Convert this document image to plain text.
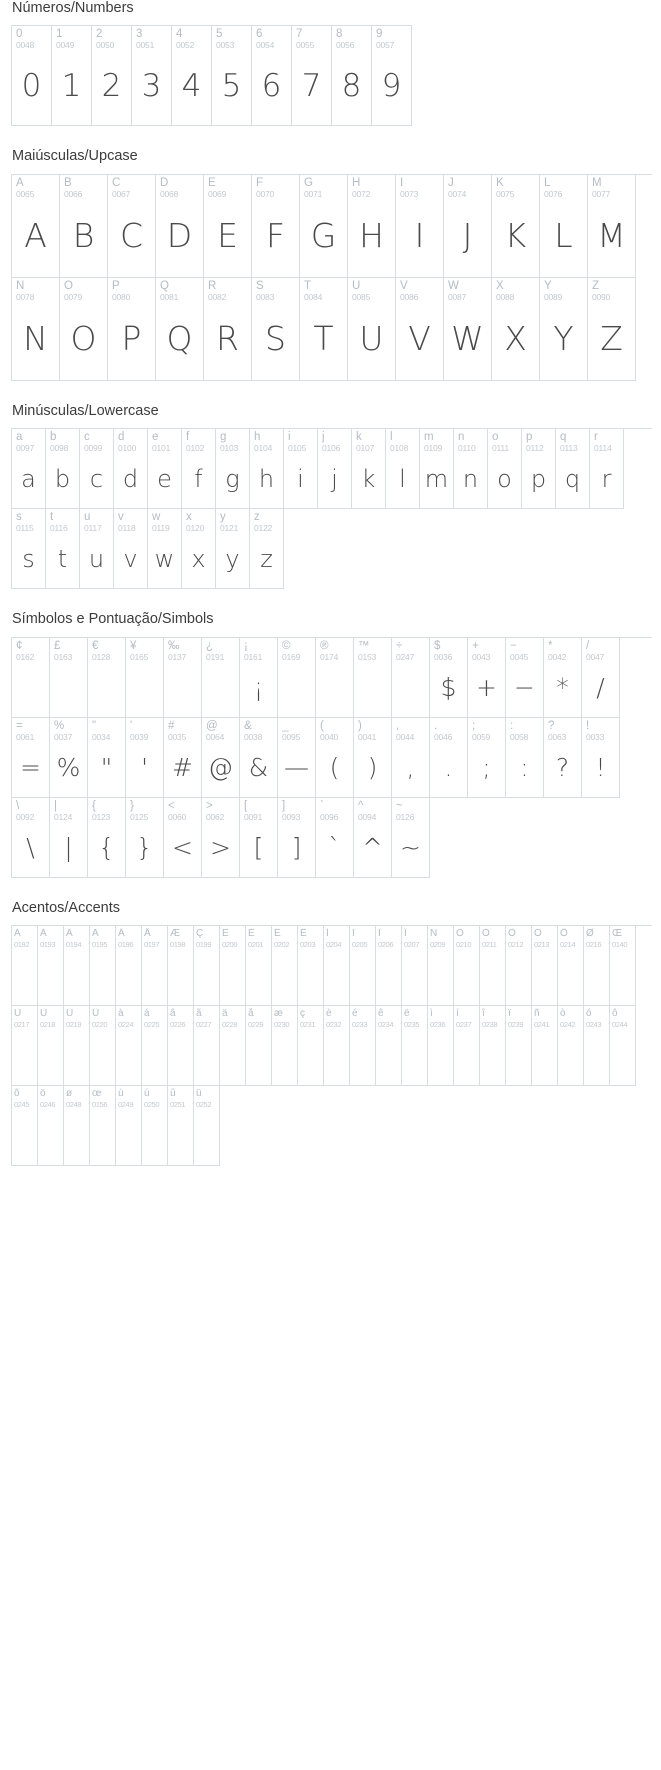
Números/Numbers
0
0048
0
1
0049
1
2
0050
2
3
0051
3
4
0052
4
5
0053
5
6
0054
6
7
0055
7
8
0056
8
9
0057
9
Maiúsculas/Upcase
A
0065
A
B
0066
B
C
0067
C
D
0068
D
E
0069
E
F
0070
F
G
0071
G
H
0072
H
I
0073
I
J
0074
J
K
0075
K
L
0076
L
M
0077
M
N
0078
N
O
0079
O
P
0080
P
Q
0081
Q
R
0082
R
S
0083
S
T
0084
T
U
0085
U
V
0086
V
W
0087
W
X
0088
X
Y
0089
Y
Z
0090
Z
Minúsculas/Lowercase
a
0097
a
b
0098
b
c
0099
c
d
0100
d
e
0101
e
f
0102
f
g
0103
g
h
0104
h
i
0105
i
j
0106
j
k
0107
k
l
0108
l
m
0109
m
n
0110
n
o
0111
o
p
0112
p
q
0113
q
r
0114
r
s
0115
s
t
0116
t
u
0117
u
v
0118
v
w
0119
w
x
0120
x
y
0121
y
z
0122
z
Símbolos e Pontuação/Simbols
¢
0162
£
0163
€
0128
¥
0165
‰
0137
¿
0191
¡
0161
¡
©
0169
®
0174
™
0153
÷
0247
$
0036
$
+
0043
+
−
0045
−
*
0042
*
/
0047
/
=
0061
=
%
0037
%
"
0034
"
'
0039
'
#
0035
#
@
0064
@
&
0038
&
_
0095
—
(
0040
(
)
0041
)
,
0044
,
.
0046
.
;
0059
;
:
0058
:
?
0063
?
!
0033
!
\
0092
\
|
0124
|
{
0123
{
}
0125
}
<
0060
<
>
0062
>
[
0091
[
]
0093
]
`
0096
`
^
0094
^
~
0126
~
Acentos/Accents
À
0192
Á
0193
Â
0194
Ã
0195
Ä
0196
Å
0197
Æ
0198
Ç
0199
È
0200
É
0201
Ê
0202
Ë
0203
Ì
0204
Í
0205
Î
0206
Ï
0207
Ñ
0209
Ò
0210
Ó
0211
Ô
0212
Õ
0213
Ö
0214
Ø
0216
Œ
0140
Ù
0217
Ú
0218
Û
0219
Ü
0220
à
0224
á
0225
â
0226
ã
0227
ä
0228
å
0229
æ
0230
ç
0231
è
0232
é
0233
ê
0234
ë
0235
ì
0236
í
0237
î
0238
ï
0239
ñ
0241
ò
0242
ó
0243
ô
0244
õ
0245
ö
0246
ø
0248
œ
0156
ù
0249
ú
0250
û
0251
ü
0252
